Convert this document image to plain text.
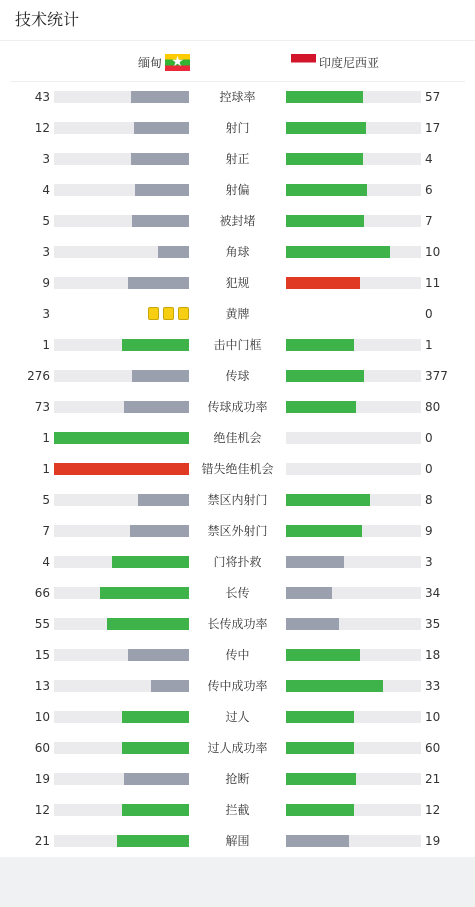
技术统计
缅甸 ★	印度尼西亚
43	控球率	57
12	射门	17
3	射正	4
4	射偏	6
5	被封堵	7
3	角球	10
9	犯规	11
3	黄牌	0
1	击中门框	1
276	传球	377
73	传球成功率	80
1	绝佳机会	0
1	错失绝佳机会	0
5	禁区内射门	8
7	禁区外射门	9
4	门将扑救	3
66	长传	34
55	长传成功率	35
15	传中	18
13	传中成功率	33
10	过人	10
60	过人成功率	60
19	抢断	21
12	拦截	12
21	解围	19
